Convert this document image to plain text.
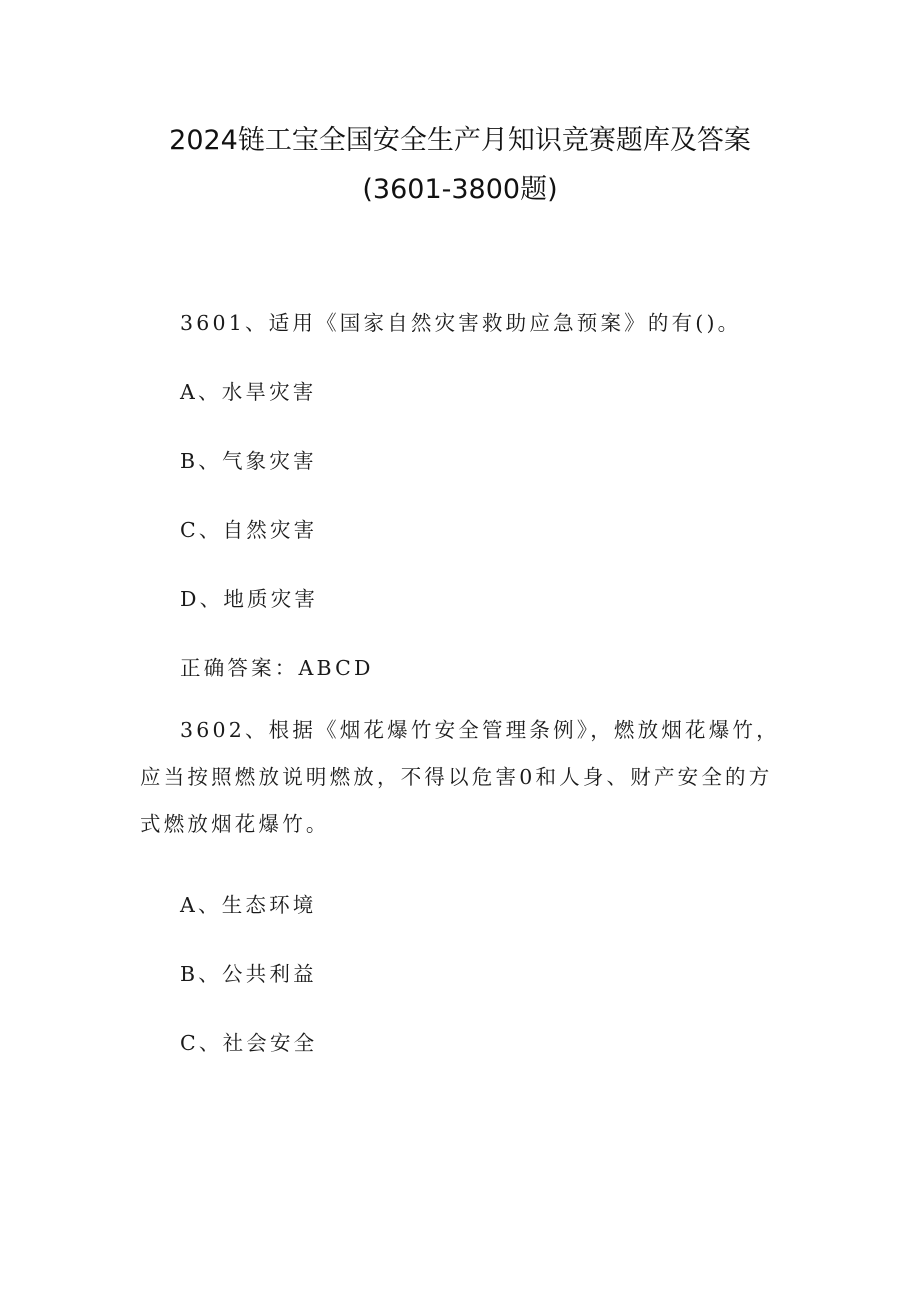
2024链工宝全国安全生产月知识竞赛题库及答案
(3601-3800题)
3601、适用《国家自然灾害救助应急预案》的有()。
A、水旱灾害
B、气象灾害
C、自然灾害
D、地质灾害
正确答案：ABCD
3602、根据《烟花爆竹安全管理条例》，燃放烟花爆竹，应当按照燃放说明燃放，不得以危害0和人身、财产安全的方式燃放烟花爆竹。
A、生态环境
B、公共利益
C、社会安全
